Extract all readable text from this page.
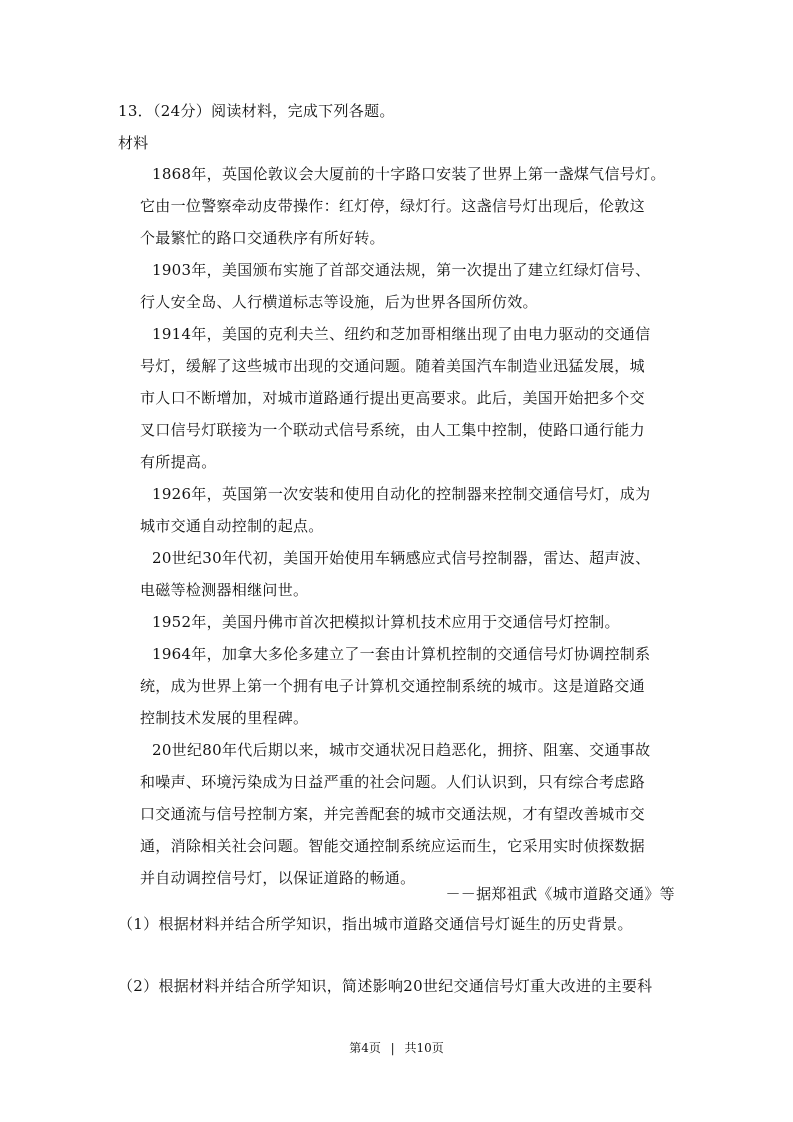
13．（24分）阅读材料，完成下列各题。
材料
1868年，英国伦敦议会大厦前的十字路口安装了世界上第一盏煤气信号灯。
它由一位警察牵动皮带操作：红灯停，绿灯行。这盏信号灯出现后，伦敦这
个最繁忙的路口交通秩序有所好转。
1903年，美国颁布实施了首部交通法规，第一次提出了建立红绿灯信号、
行人安全岛、人行横道标志等设施，后为世界各国所仿效。
1914年，美国的克利夫兰、纽约和芝加哥相继出现了由电力驱动的交通信
号灯，缓解了这些城市出现的交通问题。随着美国汽车制造业迅猛发展，城
市人口不断增加，对城市道路通行提出更高要求。此后，美国开始把多个交
叉口信号灯联接为一个联动式信号系统，由人工集中控制，使路口通行能力
有所提高。
1926年，英国第一次安装和使用自动化的控制器来控制交通信号灯，成为
城市交通自动控制的起点。
20世纪30年代初，美国开始使用车辆感应式信号控制器，雷达、超声波、
电磁等检测器相继问世。
1952年，美国丹佛市首次把模拟计算机技术应用于交通信号灯控制。
1964年，加拿大多伦多建立了一套由计算机控制的交通信号灯协调控制系
统，成为世界上第一个拥有电子计算机交通控制系统的城市。这是道路交通
控制技术发展的里程碑。
20世纪80年代后期以来，城市交通状况日趋恶化，拥挤、阻塞、交通事故
和噪声、环境污染成为日益严重的社会问题。人们认识到，只有综合考虑路
口交通流与信号控制方案，并完善配套的城市交通法规，才有望改善城市交
通，消除相关社会问题。智能交通控制系统应运而生，它采用实时侦探数据
并自动调控信号灯，以保证道路的畅通。
－－据郑祖武《城市道路交通》等
（1）根据材料并结合所学知识，指出城市道路交通信号灯诞生的历史背景。
（2）根据材料并结合所学知识，简述影响20世纪交通信号灯重大改进的主要科
第4页 | 共10页
